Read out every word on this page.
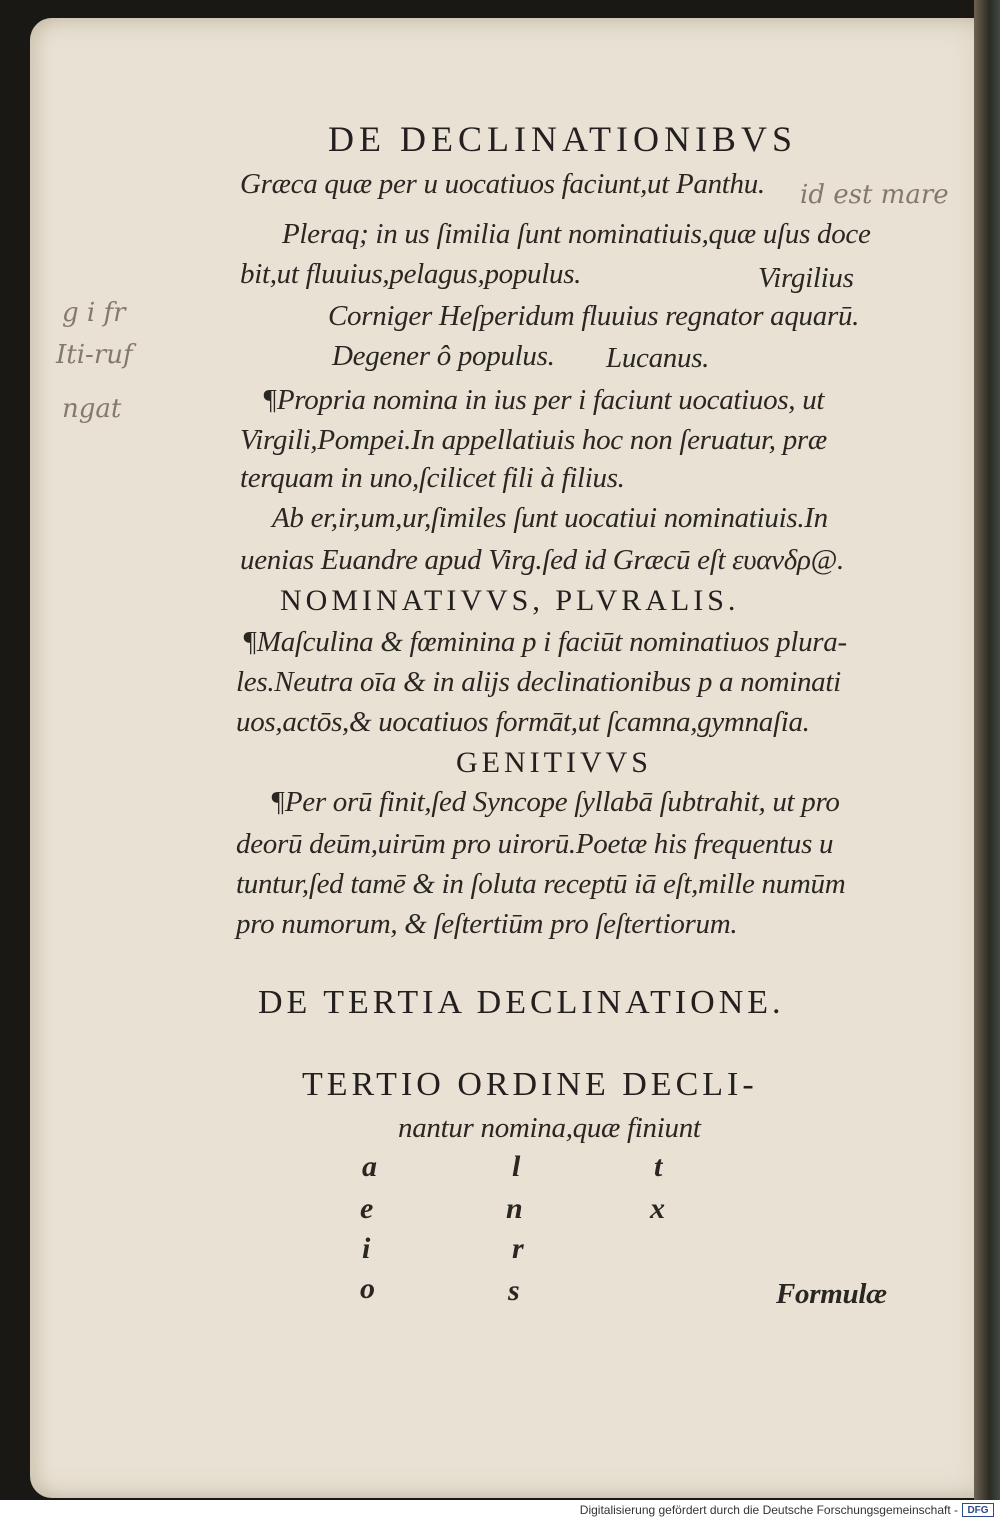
DE DECLINATIONIBVS
Græca quæ per u uocatiuos faciunt,ut Panthu. id est mare
Pleraq; in us ſimilia ſunt nominatiuis,quæ uſus doce
bit,ut fluuius,pelagus,populus.	Virgilius
Corniger Heſperidum fluuius regnator aquarū.
Degener ô populus. Lucanus.
g i fr
Iti-ruf
ngat	¶Propria nomina in ius per i faciunt uocatiuos, ut
Virgili,Pompei.In appellatiuis hoc non ſeruatur, præ
terquam in uno,ſcilicet fili à filius.
Ab er,ir,um,ur,ſimiles ſunt uocatiui nominatiuis.In
uenias Euandre apud Virg.ſed id Græcū eſt ευανδρ@.
NOMINATIVVS, PLVRALIS.
¶Maſculina & fœminina p i faciūt nominatiuos plura-
les.Neutra oīa & in alijs declinationibus p a nominati
uos,actōs,& uocatiuos formāt,ut ſcamna,gymnaſia.
GENITIVVS
¶Per orū finit,ſed Syncope ſyllabā ſubtrahit, ut pro
deorū deūm,uirūm pro uirorū.Poetæ his frequentus u
tuntur,ſed tamē & in ſoluta receptū iā eſt,mille numūm
pro numorum, & ſeſtertiūm pro ſeſtertiorum.
DE TERTIA DECLINATIONE.
TERTIO ORDINE DECLI-
nantur nomina,quæ finiunt
a
e
i
o
l
n
r
s
t
x
Formulæ
Digitalisierung gefördert durch die Deutsche Forschungsgemeinschaft - DFG
